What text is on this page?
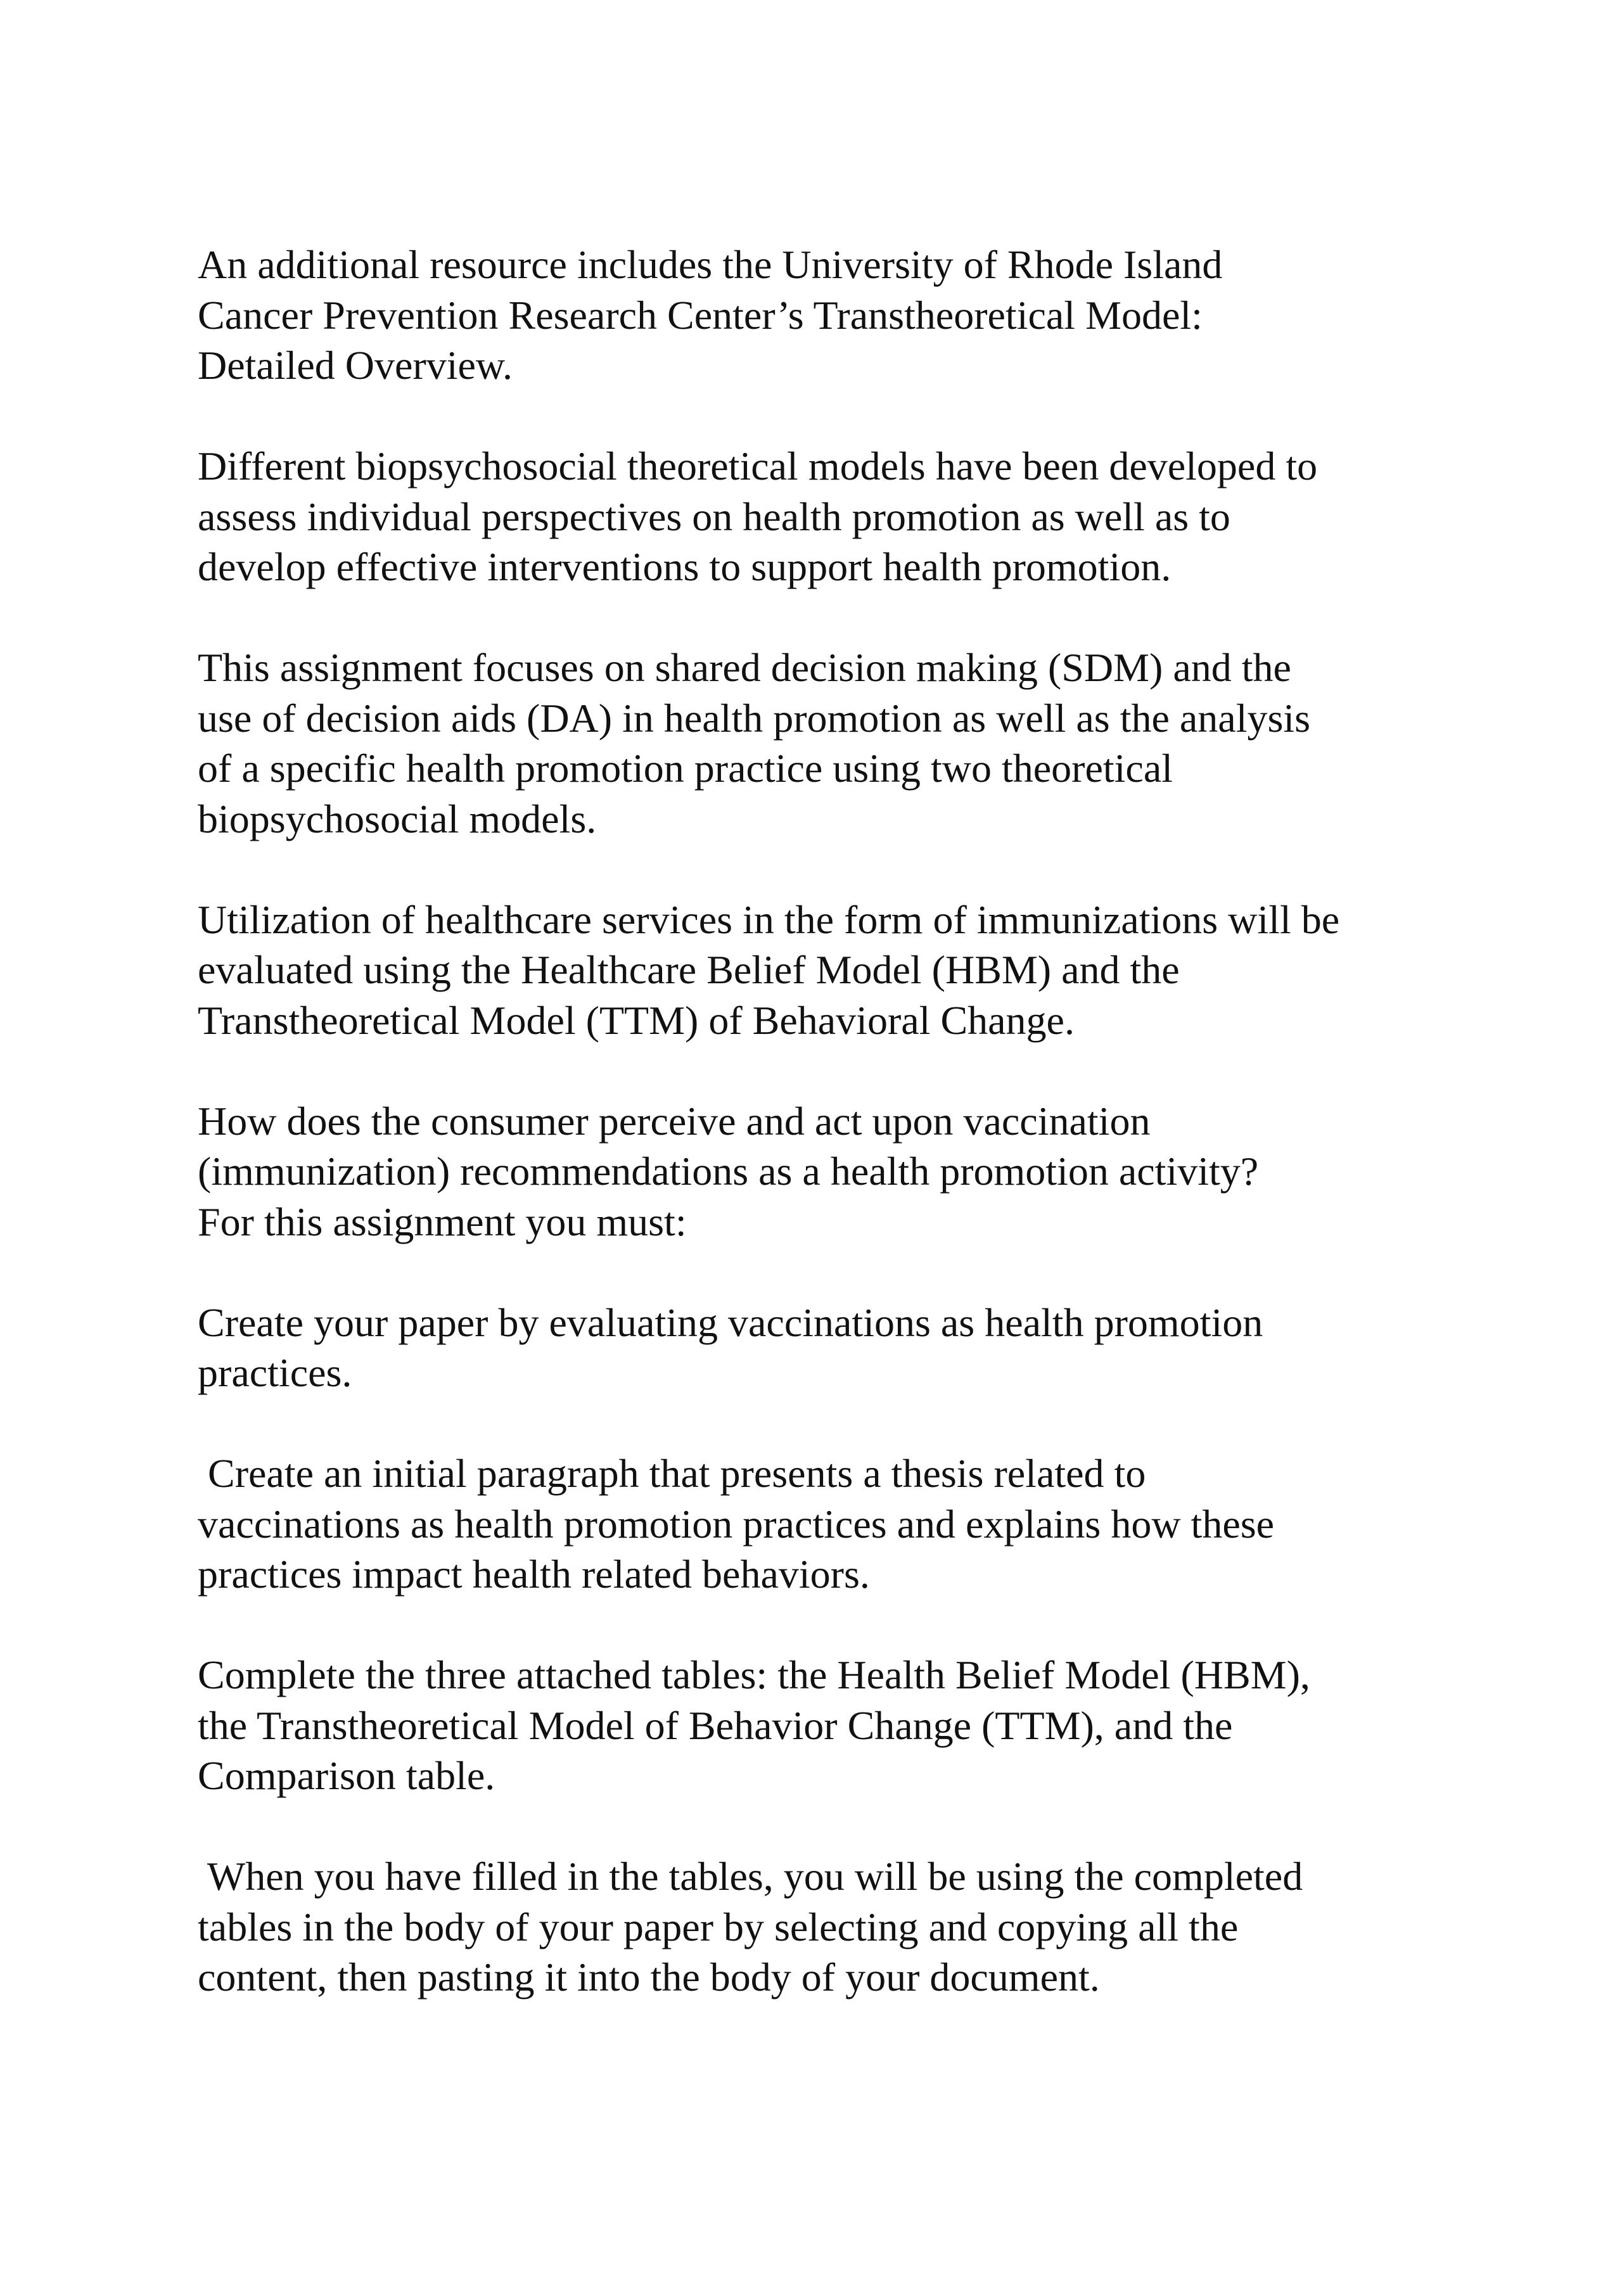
An additional resource includes the University of Rhode Island
Cancer Prevention Research Center’s Transtheoretical Model:
Detailed Overview.

Different biopsychosocial theoretical models have been developed to
assess individual perspectives on health promotion as well as to
develop effective interventions to support health promotion.

This assignment focuses on shared decision making (SDM) and the
use of decision aids (DA) in health promotion as well as the analysis
of a specific health promotion practice using two theoretical
biopsychosocial models.

Utilization of healthcare services in the form of immunizations will be
evaluated using the Healthcare Belief Model (HBM) and the
Transtheoretical Model (TTM) of Behavioral Change.

How does the consumer perceive and act upon vaccination
(immunization) recommendations as a health promotion activity?
For this assignment you must:

Create your paper by evaluating vaccinations as health promotion
practices.

Create an initial paragraph that presents a thesis related to
vaccinations as health promotion practices and explains how these
practices impact health related behaviors.

Complete the three attached tables: the Health Belief Model (HBM),
the Transtheoretical Model of Behavior Change (TTM), and the
Comparison table.

When you have filled in the tables, you will be using the completed
tables in the body of your paper by selecting and copying all the
content, then pasting it into the body of your document.
